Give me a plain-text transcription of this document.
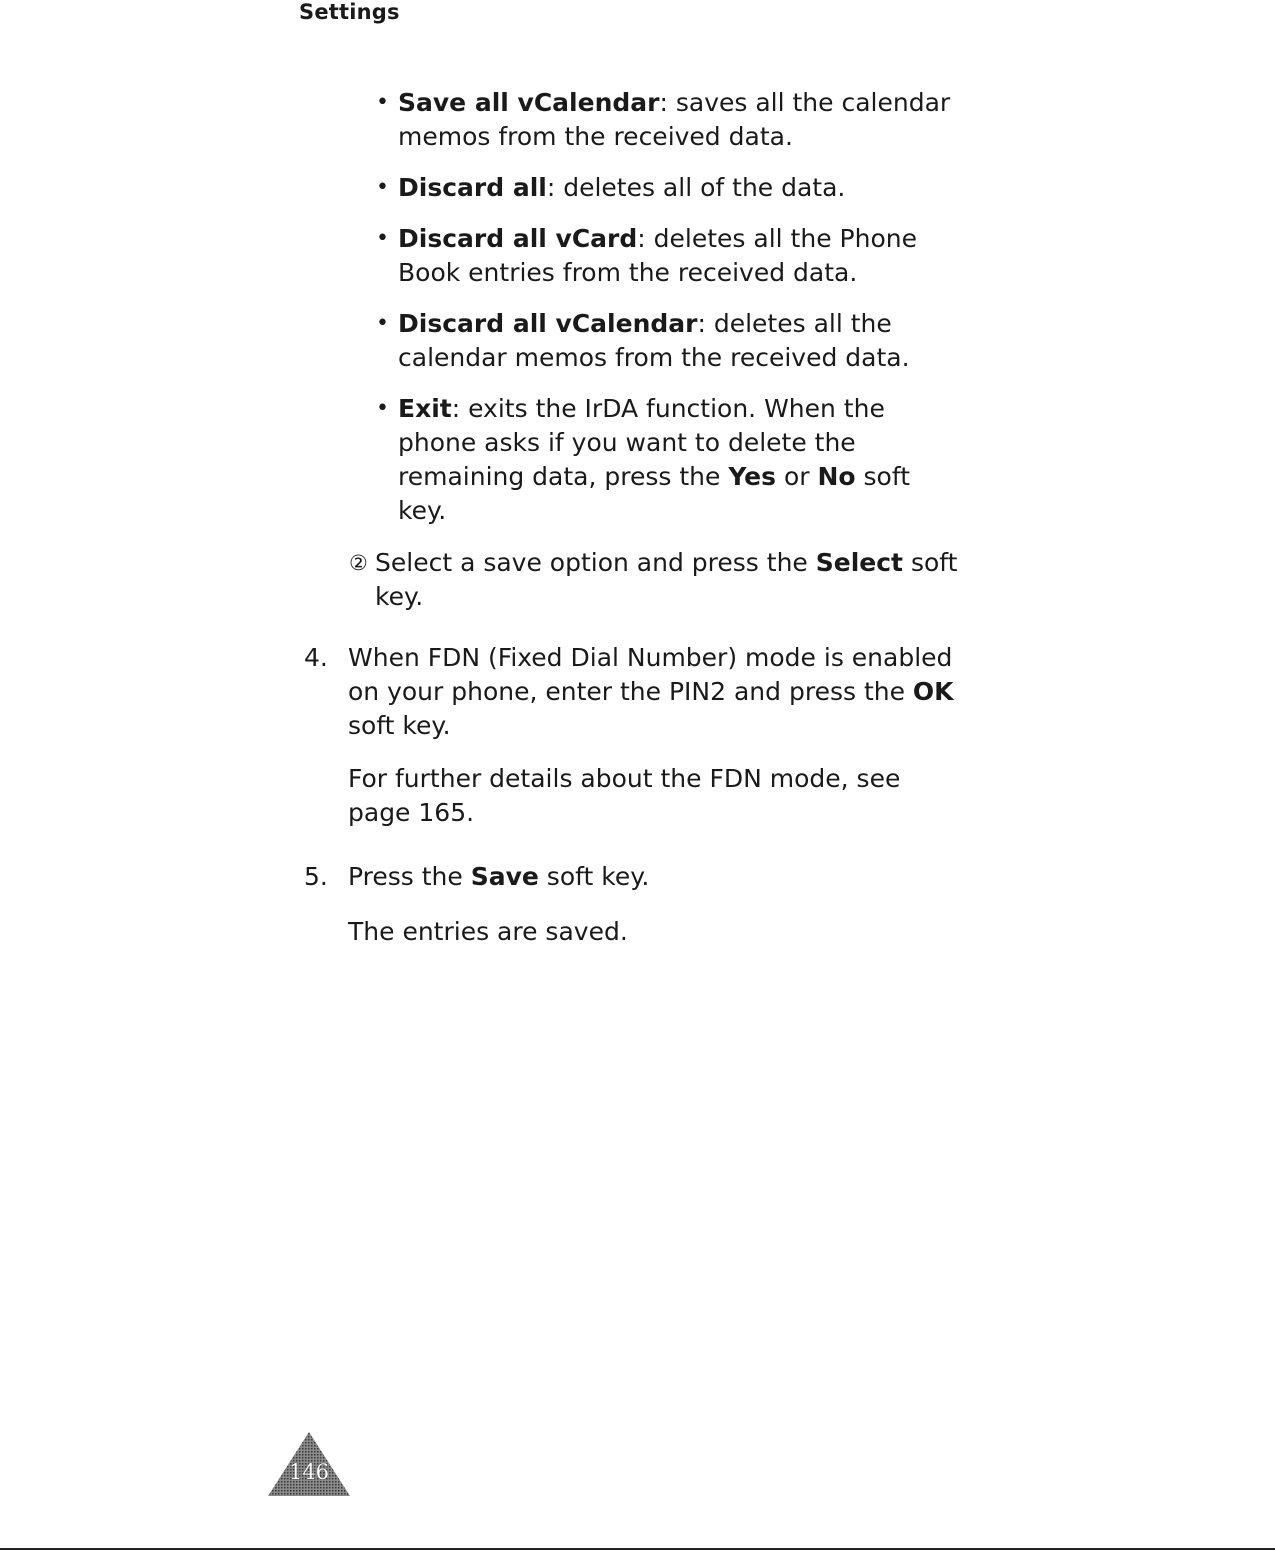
Settings

• Save all vCalendar: saves all the calendar memos from the received data.

• Discard all: deletes all of the data.

• Discard all vCard: deletes all the Phone Book entries from the received data.

• Discard all vCalendar: deletes all the calendar memos from the received data.

• Exit: exits the IrDA function. When the phone asks if you want to delete the remaining data, press the Yes or No soft key.

② Select a save option and press the Select soft key.

4. When FDN (Fixed Dial Number) mode is enabled on your phone, enter the PIN2 and press the OK soft key.

For further details about the FDN mode, see page 165.

5. Press the Save soft key.

The entries are saved.

146
